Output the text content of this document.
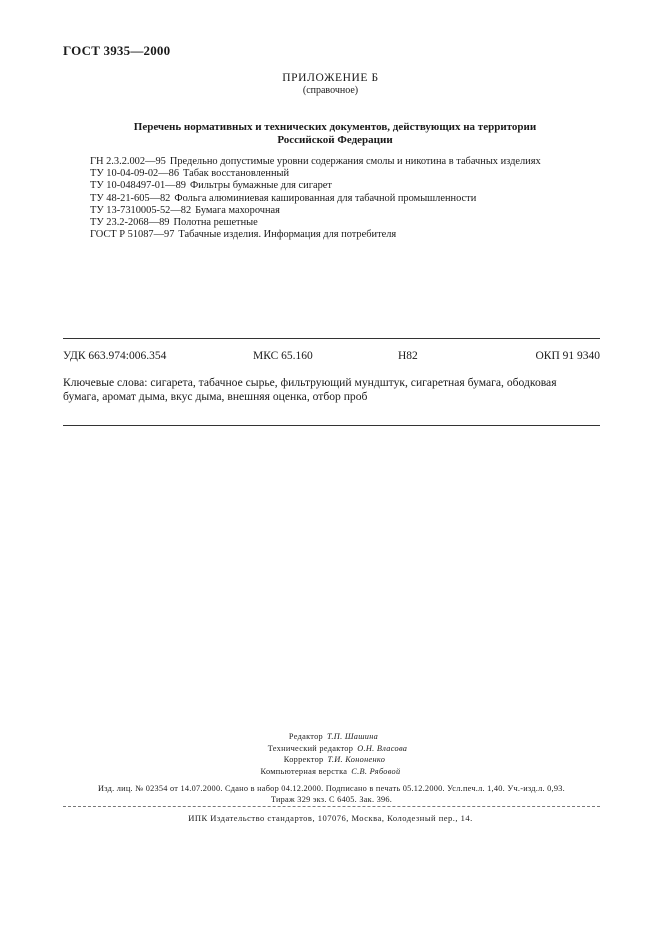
ГОСТ 3935—2000
ПРИЛОЖЕНИЕ Б
(справочное)
Перечень нормативных и технических документов, действующих на территории
Российской Федерации
ГН 2.3.2.002—95 Предельно допустимые уровни содержания смолы и никотина в табачных изделиях
ТУ 10-04-09-02—86 Табак восстановленный
ТУ 10-048497-01—89 Фильтры бумажные для сигарет
ТУ 48-21-605—82 Фольга алюминиевая кашированная для табачной промышленности
ТУ 13-7310005-52—82 Бумага махорочная
ТУ 23.2-2068—89 Полотна решетные
ГОСТ Р 51087—97 Табачные изделия. Информация для потребителя
УДК 663.974:006.354	МКС 65.160	Н82	ОКП 91 9340
Ключевые слова: сигарета, табачное сырье, фильтрующий мундштук, сигаретная бумага, ободковая
бумага, аромат дыма, вкус дыма, внешняя оценка, отбор проб
Редактор Т.П. Шашина
Технический редактор О.Н. Власова
Корректор Т.И. Кононенко
Компьютерная верстка С.В. Рябовой
Изд. лиц. № 02354 от 14.07.2000. Сдано в набор 04.12.2000. Подписано в печать 05.12.2000. Усл.печ.л. 1,40. Уч.-изд.л. 0,93.
Тираж 329 экз. С 6405. Зак. 396.
ИПК Издательство стандартов, 107076, Москва, Колодезный пер., 14.
